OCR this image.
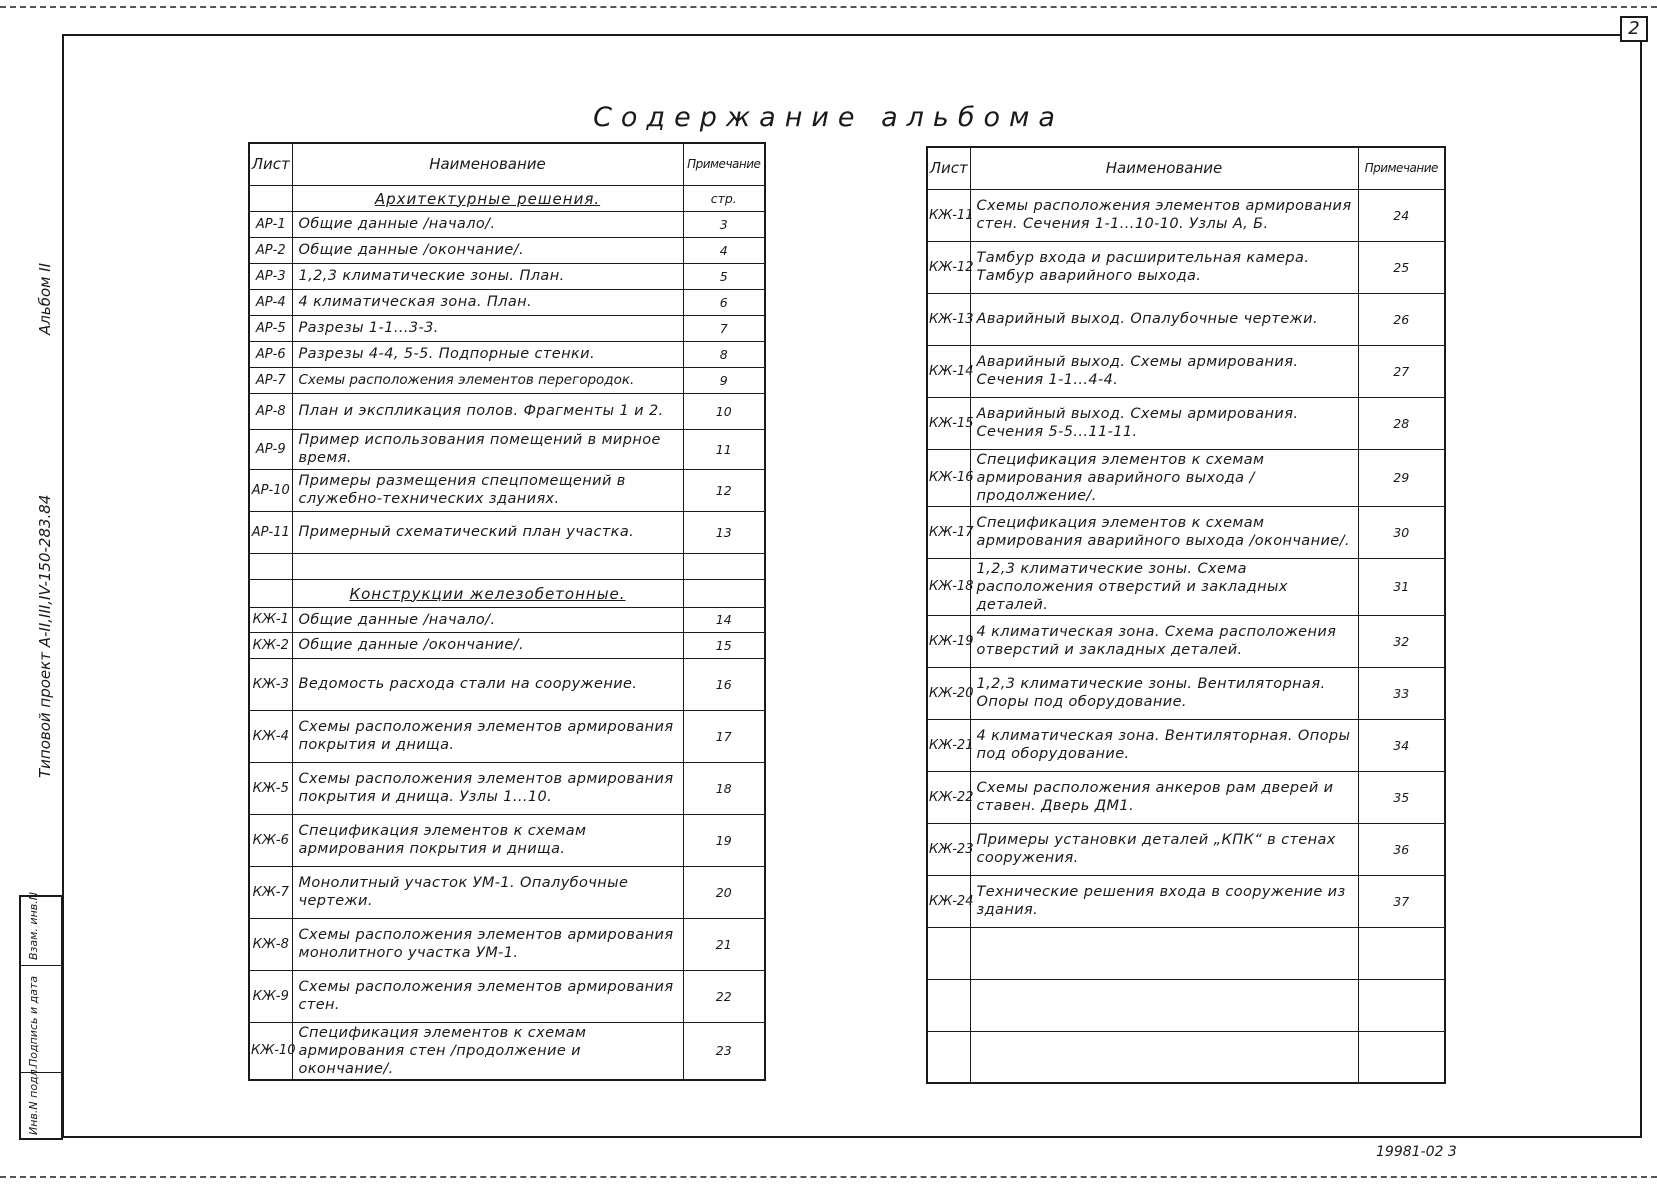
2
Содержание альбома
Альбом II
Типовой проект А-II,III,IV-150-283.84
Инв.N подл.
Подпись и дата
Взам. инв.N
19981-02 3
Лист	Наименование	Примечание
	Архитектурные решения.	стр.
АР-1	Общие данные /начало/.	3
АР-2	Общие данные /окончание/.	4
АР-3	1,2,3 климатические зоны. План.	5
АР-4	4 климатическая зона. План.	6
АР-5	Разрезы 1-1...3-3.	7
АР-6	Разрезы 4-4, 5-5. Подпорные стенки.	8
АР-7	Схемы расположения элементов перегородок.	9
АР-8	План и экспликация полов. Фрагменты 1 и 2.	10
АР-9	Пример использования помещений в мирное время.	11
АР-10	Примеры размещения спецпомещений в служебно-технических зданиях.	12
АР-11	Примерный схематический план участка.	13

	Конструкции железобетонные.	
КЖ-1	Общие данные /начало/.	14
КЖ-2	Общие данные /окончание/.	15
КЖ-3	Ведомость расхода стали на сооружение.	16
КЖ-4	Схемы расположения элементов армирования покрытия и днища.	17
КЖ-5	Схемы расположения элементов армирования покрытия и днища. Узлы 1...10.	18
КЖ-6	Спецификация элементов к схемам армирования покрытия и днища.	19
КЖ-7	Монолитный участок УМ-1. Опалубочные чертежи.	20
КЖ-8	Схемы расположения элементов армирования монолитного участка УМ-1.	21
КЖ-9	Схемы расположения элементов армирования стен.	22
КЖ-10	Спецификация элементов к схемам армирования стен /продолжение и окончание/.	23
Лист	Наименование	Примечание
КЖ-11	Схемы расположения элементов армирования стен. Сечения 1-1...10-10. Узлы А, Б.	24
КЖ-12	Тамбур входа и расширительная камера. Тамбур аварийного выхода.	25
КЖ-13	Аварийный выход. Опалубочные чертежи.	26
КЖ-14	Аварийный выход. Схемы армирования. Сечения 1-1...4-4.	27
КЖ-15	Аварийный выход. Схемы армирования. Сечения 5-5...11-11.	28
КЖ-16	Спецификация элементов к схемам армирования аварийного выхода /продолжение/.	29
КЖ-17	Спецификация элементов к схемам армирования аварийного выхода /окончание/.	30
КЖ-18	1,2,3 климатические зоны. Схема расположения отверстий и закладных деталей.	31
КЖ-19	4 климатическая зона. Схема расположения отверстий и закладных деталей.	32
КЖ-20	1,2,3 климатические зоны. Вентиляторная. Опоры под оборудование.	33
КЖ-21	4 климатическая зона. Вентиляторная. Опоры под оборудование.	34
КЖ-22	Схемы расположения анкеров рам дверей и ставен. Дверь ДМ1.	35
КЖ-23	Примеры установки деталей „КПК“ в стенах сооружения.	36
КЖ-24	Технические решения входа в сооружение из здания.	37
